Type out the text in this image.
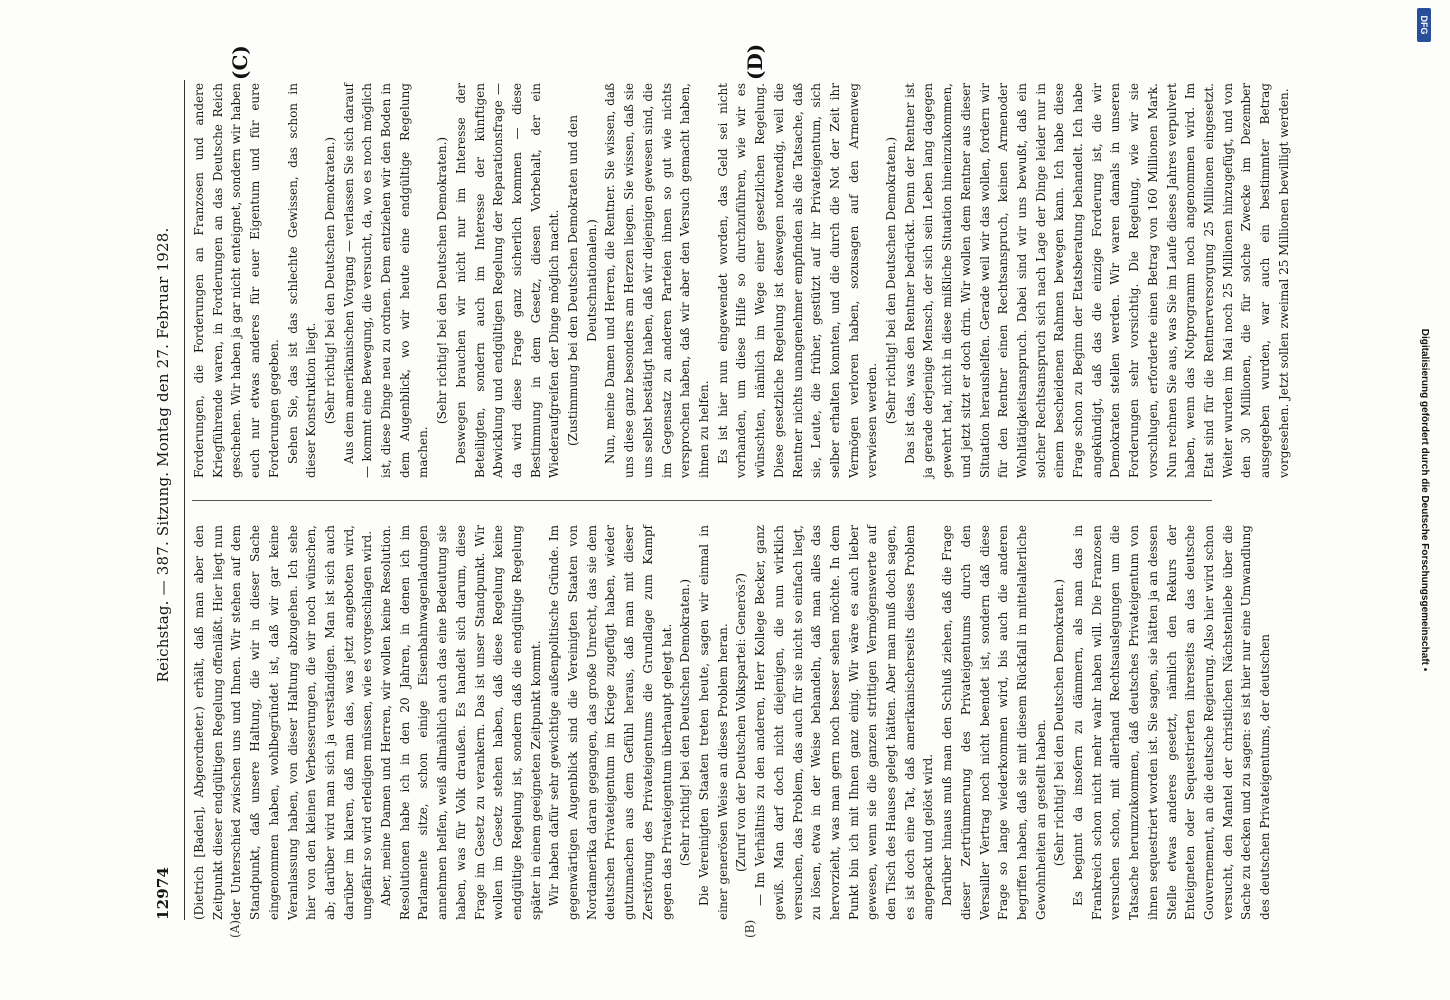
12974
Reichstag. — 387. Sitzung. Montag den 27. Februar 1928.
(A)	(B)
(C)	(D)

(Dietrich [Baden], Abgeordneter.) erhält, daß man aber den Zeitpunkt dieser endgültigen Regelung offenläßt. Hier liegt nun der Unterschied zwischen uns und Ihnen. Wir stehen auf dem Standpunkt, daß unsere Haltung, die wir in dieser Sache eingenommen haben, wohlbegründet ist, daß wir gar keine Veranlassung haben, von dieser Haltung abzugehen. Ich sehe hier von den kleinen Verbesserungen, die wir noch wünschen, ab; darüber wird man sich ja verständigen. Man ist sich auch darüber im klaren, daß man das, was jetzt angeboten wird, ungefähr so wird erledigen müssen, wie es vorgeschlagen wird. Aber, meine Damen und Herren, wir wollen keine Resolution. Resolutionen habe ich in den 20 Jahren, in denen ich im Parlamente sitze, schon einige Eisenbahnwagenladungen annehmen helfen, weiß allmählich auch das eine Bedeutung sie haben, was für Volk draußen. Es handelt sich darum, diese Frage im Gesetz zu verankern. Das ist unser Standpunkt. Wir wollen im Gesetz stehen haben, daß diese Regelung keine endgültige Regelung ist, sondern daß die endgültige Regelung später in einem geeigneten Zeitpunkt kommt. Wir haben dafür sehr gewichtige außenpolitische Gründe. Im gegenwärtigen Augenblick sind die Vereinigten Staaten von Nordamerika daran gegangen, das große Unrecht, das sie dem deutschen Privateigentum im Kriege zugefügt haben, wieder gutzumachen aus dem Gefühl heraus, daß man mit dieser Zerstörung des Privateigentums die Grundlage zum Kampf gegen das Privateigentum überhaupt gelegt hat. (Sehr richtig! bei den Deutschen Demokraten.) Die Vereinigten Staaten treten heute, sagen wir einmal in einer generösen Weise an dieses Problem heran. (Zuruf von der Deutschen Volkspartei: Generös?) — Im Verhältnis zu den anderen, Herr Kollege Becker, ganz gewiß. Man darf doch nicht diejenigen, die nun wirklich versuchen, das Problem, das auch für sie nicht so einfach liegt, zu lösen, etwa in der Weise behandeln, daß man alles das hervorzieht, was man gern noch besser sehen möchte. In dem Punkt bin ich mit Ihnen ganz einig. Wir wäre es auch lieber gewesen, wenn sie die ganzen strittigen Vermögenswerte auf den Tisch des Hauses gelegt hätten. Aber man muß doch sagen, es ist doch eine Tat, daß amerikanischerseits dieses Problem angepackt und gelöst wird. Darüber hinaus muß man den Schluß ziehen, daß die Frage dieser Zertrümmerung des Privateigentums durch den Versailler Vertrag noch nicht beendet ist, sondern daß diese Frage so lange wiederkommen wird, bis auch die anderen begriffen haben, daß sie mit diesem Rückfall in mittelalterliche Gewohnheiten an gestellt haben. (Sehr richtig! bei den Deutschen Demokraten.) Es beginnt da insofern zu dämmern, als man das in Frankreich schon nicht mehr wahr haben will. Die Franzosen versuchen schon, mit allerhand Rechtsauslegungen um die Tatsache herumzukommen, daß deutsches Privateigentum von ihnen sequestriert worden ist. Sie sagen, sie hätten ja an dessen Stelle etwas anderes gesetzt, nämlich den Rekurs der Enteigneten oder Sequestrierten ihrerseits an das deutsche Gouvernement, an die deutsche Regierung. Also hier wird schon versucht, den Mantel der christlichen Nächstenliebe über die Sache zu decken und zu sagen: es ist hier nur eine Umwandlung des deutschen Privateigentums, der deutschen

Forderungen, die Forderungen an Franzosen und andere Kriegführende waren, in Forderungen an das Deutsche Reich geschehen. Wir haben ja gar nicht enteignet, sondern wir haben euch nur etwas anderes für euer Eigentum und für eure Forderungen gegeben. Sehen Sie, das ist das schlechte Gewissen, das schon in dieser Konstruktion liegt. (Sehr richtig! bei den Deutschen Demokraten.) Aus dem amerikanischen Vorgang — verlassen Sie sich darauf — kommt eine Bewegung, die versucht, da, wo es noch möglich ist, diese Dinge neu zu ordnen. Dem entziehen wir den Boden in dem Augenblick, wo wir heute eine endgültige Regelung machen.

(Sehr richtig! bei den Deutschen Demokraten.) Deswegen brauchen wir nicht nur im Interesse der Beteiligten, sondern auch im Interesse der künftigen Abwicklung und endgültigen Regelung der Reparationsfrage — da wird diese Frage ganz sicherlich kommen — diese Bestimmung in dem Gesetz, diesen Vorbehalt, der ein Wiederaufgreifen der Dinge möglich macht. (Zustimmung bei den Deutschen Demokraten und den Deutschnationalen.) Nun, meine Damen und Herren, die Rentner. Sie wissen, daß uns diese ganz besonders am Herzen liegen. Sie wissen, daß sie uns selbst bestätigt haben, daß wir diejenigen gewesen sind, die im Gegensatz zu anderen Parteien ihnen so gut wie nichts versprochen haben, daß wir aber den Versuch gemacht haben, ihnen zu helfen. Es ist hier nun eingewendet worden, das Geld sei nicht vorhanden, um diese Hilfe so durchzuführen, wie wir es wünschten, nämlich im Wege einer gesetzlichen Regelung. Diese gesetzliche Regelung ist deswegen notwendig, weil die Rentner nichts unangenehmer empfinden als die Tatsache, daß sie, Leute, die früher, gestützt auf ihr Privateigentum, sich selber erhalten konnten, und die durch die Not der Zeit ihr Vermögen verloren haben, sozusagen auf den Armenweg verwiesen werden. (Sehr richtig! bei den Deutschen Demokraten.) Das ist das, was den Rentner bedrückt. Denn der Rentner ist ja gerade derjenige Mensch, der sich sein Leben lang dagegen gewehrt hat, nicht in diese mißliche Situation hineinzukommen, und jetzt sitzt er doch drin. Wir wollen dem Rentner aus dieser Situation heraushelfen. Gerade weil wir das wollen, fordern wir für den Rentner einen Rechtsanspruch, keinen Armenoder Wohltätigkeitsanspruch. Dabei sind wir uns bewußt, daß ein solcher Rechtsanspruch sich nach Lage der Dinge leider nur in einem bescheidenen Rahmen bewegen kann. Ich habe diese Frage schon zu Beginn der Etatsberatung behandelt. Ich habe angekündigt, daß das die einzige Forderung ist, die wir Demokraten stellen werden. Wir waren damals in unseren Forderungen sehr vorsichtig. Die Regelung, wie wir sie vorschlugen, erforderte einen Betrag von 160 Millionen Mark. Nun rechnen Sie aus, was Sie im Laufe dieses Jahres verpulvert haben, wenn das Notprogramm noch angenommen wird. Im Etat sind für die Rentnerversorgung 25 Millionen eingesetzt. Weiter wurden im Mai noch 25 Millionen hinzugefügt, und von den 30 Millionen, die für solche Zwecke im Dezember ausgegeben wurden, war auch ein bestimmter Betrag vorgesehen. Jetzt sollen zweimal 25 Millionen bewilligt werden.

DFG
Digitalisierung gefördert durch die Deutsche Forschungsgemeinschaft •
